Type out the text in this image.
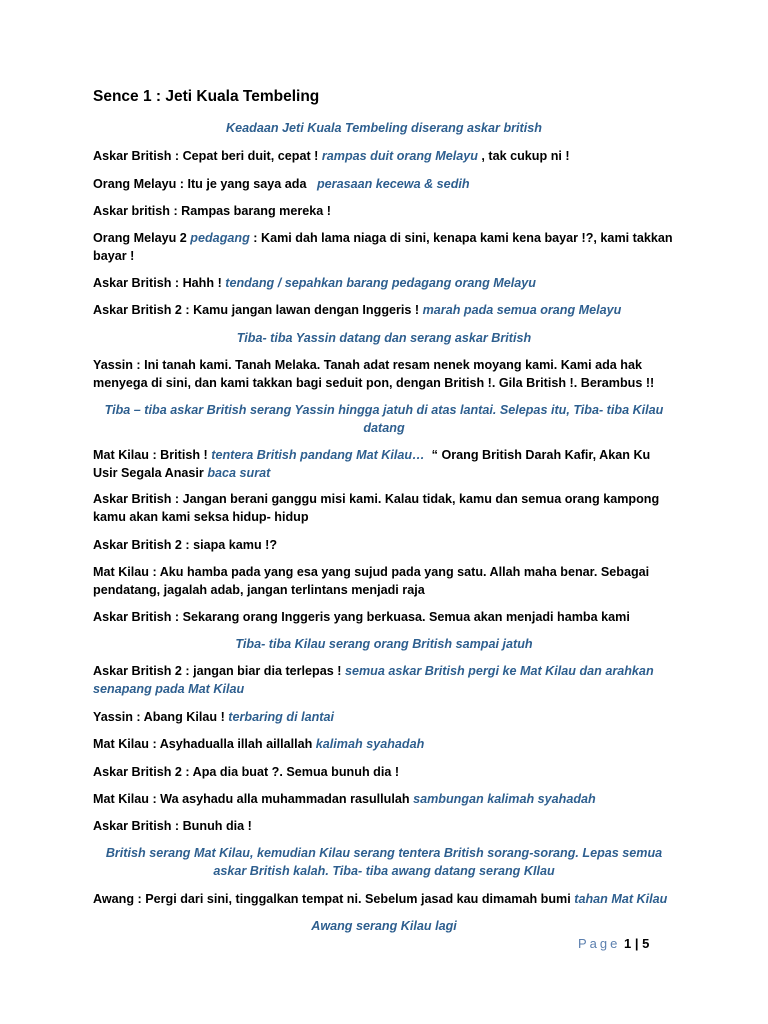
Sence 1 : Jeti Kuala Tembeling
Keadaan Jeti Kuala Tembeling diserang askar british
Askar British : Cepat beri duit, cepat ! rampas duit orang Melayu , tak cukup ni !
Orang Melayu : Itu je yang saya ada   perasaan kecewa & sedih
Askar british : Rampas barang mereka !
Orang Melayu 2 pedagang : Kami dah lama niaga di sini, kenapa kami kena bayar !?, kami takkan bayar !
Askar British : Hahh ! tendang / sepahkan barang pedagang orang Melayu
Askar British 2 : Kamu jangan lawan dengan Inggeris ! marah pada semua orang Melayu
Tiba- tiba Yassin datang dan serang askar British
Yassin : Ini tanah kami. Tanah Melaka. Tanah adat resam nenek moyang kami. Kami ada hak menyega di sini, dan kami takkan bagi seduit pon, dengan British !. Gila British !. Berambus !!
Tiba – tiba askar British serang Yassin hingga jatuh di atas lantai. Selepas itu, Tiba- tiba Kilau datang
Mat Kilau : British ! tentera British pandang Mat Kilau…  “ Orang British Darah Kafir, Akan Ku Usir Segala Anasir baca surat
Askar British : Jangan berani ganggu misi kami. Kalau tidak, kamu dan semua orang kampong kamu akan kami seksa hidup- hidup
Askar British 2 : siapa kamu !?
Mat Kilau : Aku hamba pada yang esa yang sujud pada yang satu. Allah maha benar. Sebagai pendatang, jagalah adab, jangan terlintans menjadi raja
Askar British : Sekarang orang Inggeris yang berkuasa. Semua akan menjadi hamba kami
Tiba- tiba Kilau serang orang British sampai jatuh
Askar British 2 : jangan biar dia terlepas ! semua askar British pergi ke Mat Kilau dan arahkan senapang pada Mat Kilau
Yassin : Abang Kilau ! terbaring di lantai
Mat Kilau : Asyhadualla illah aillallah kalimah syahadah
Askar British 2 : Apa dia buat ?. Semua bunuh dia !
Mat Kilau : Wa asyhadu alla muhammadan rasullulah sambungan kalimah syahadah
Askar British : Bunuh dia !
British serang Mat Kilau, kemudian Kilau serang tentera British sorang-sorang. Lepas semua askar British kalah. Tiba- tiba awang datang serang KIlau
Awang : Pergi dari sini, tinggalkan tempat ni. Sebelum jasad kau dimamah bumi tahan Mat Kilau
Awang serang Kilau lagi
Page 1 | 5
